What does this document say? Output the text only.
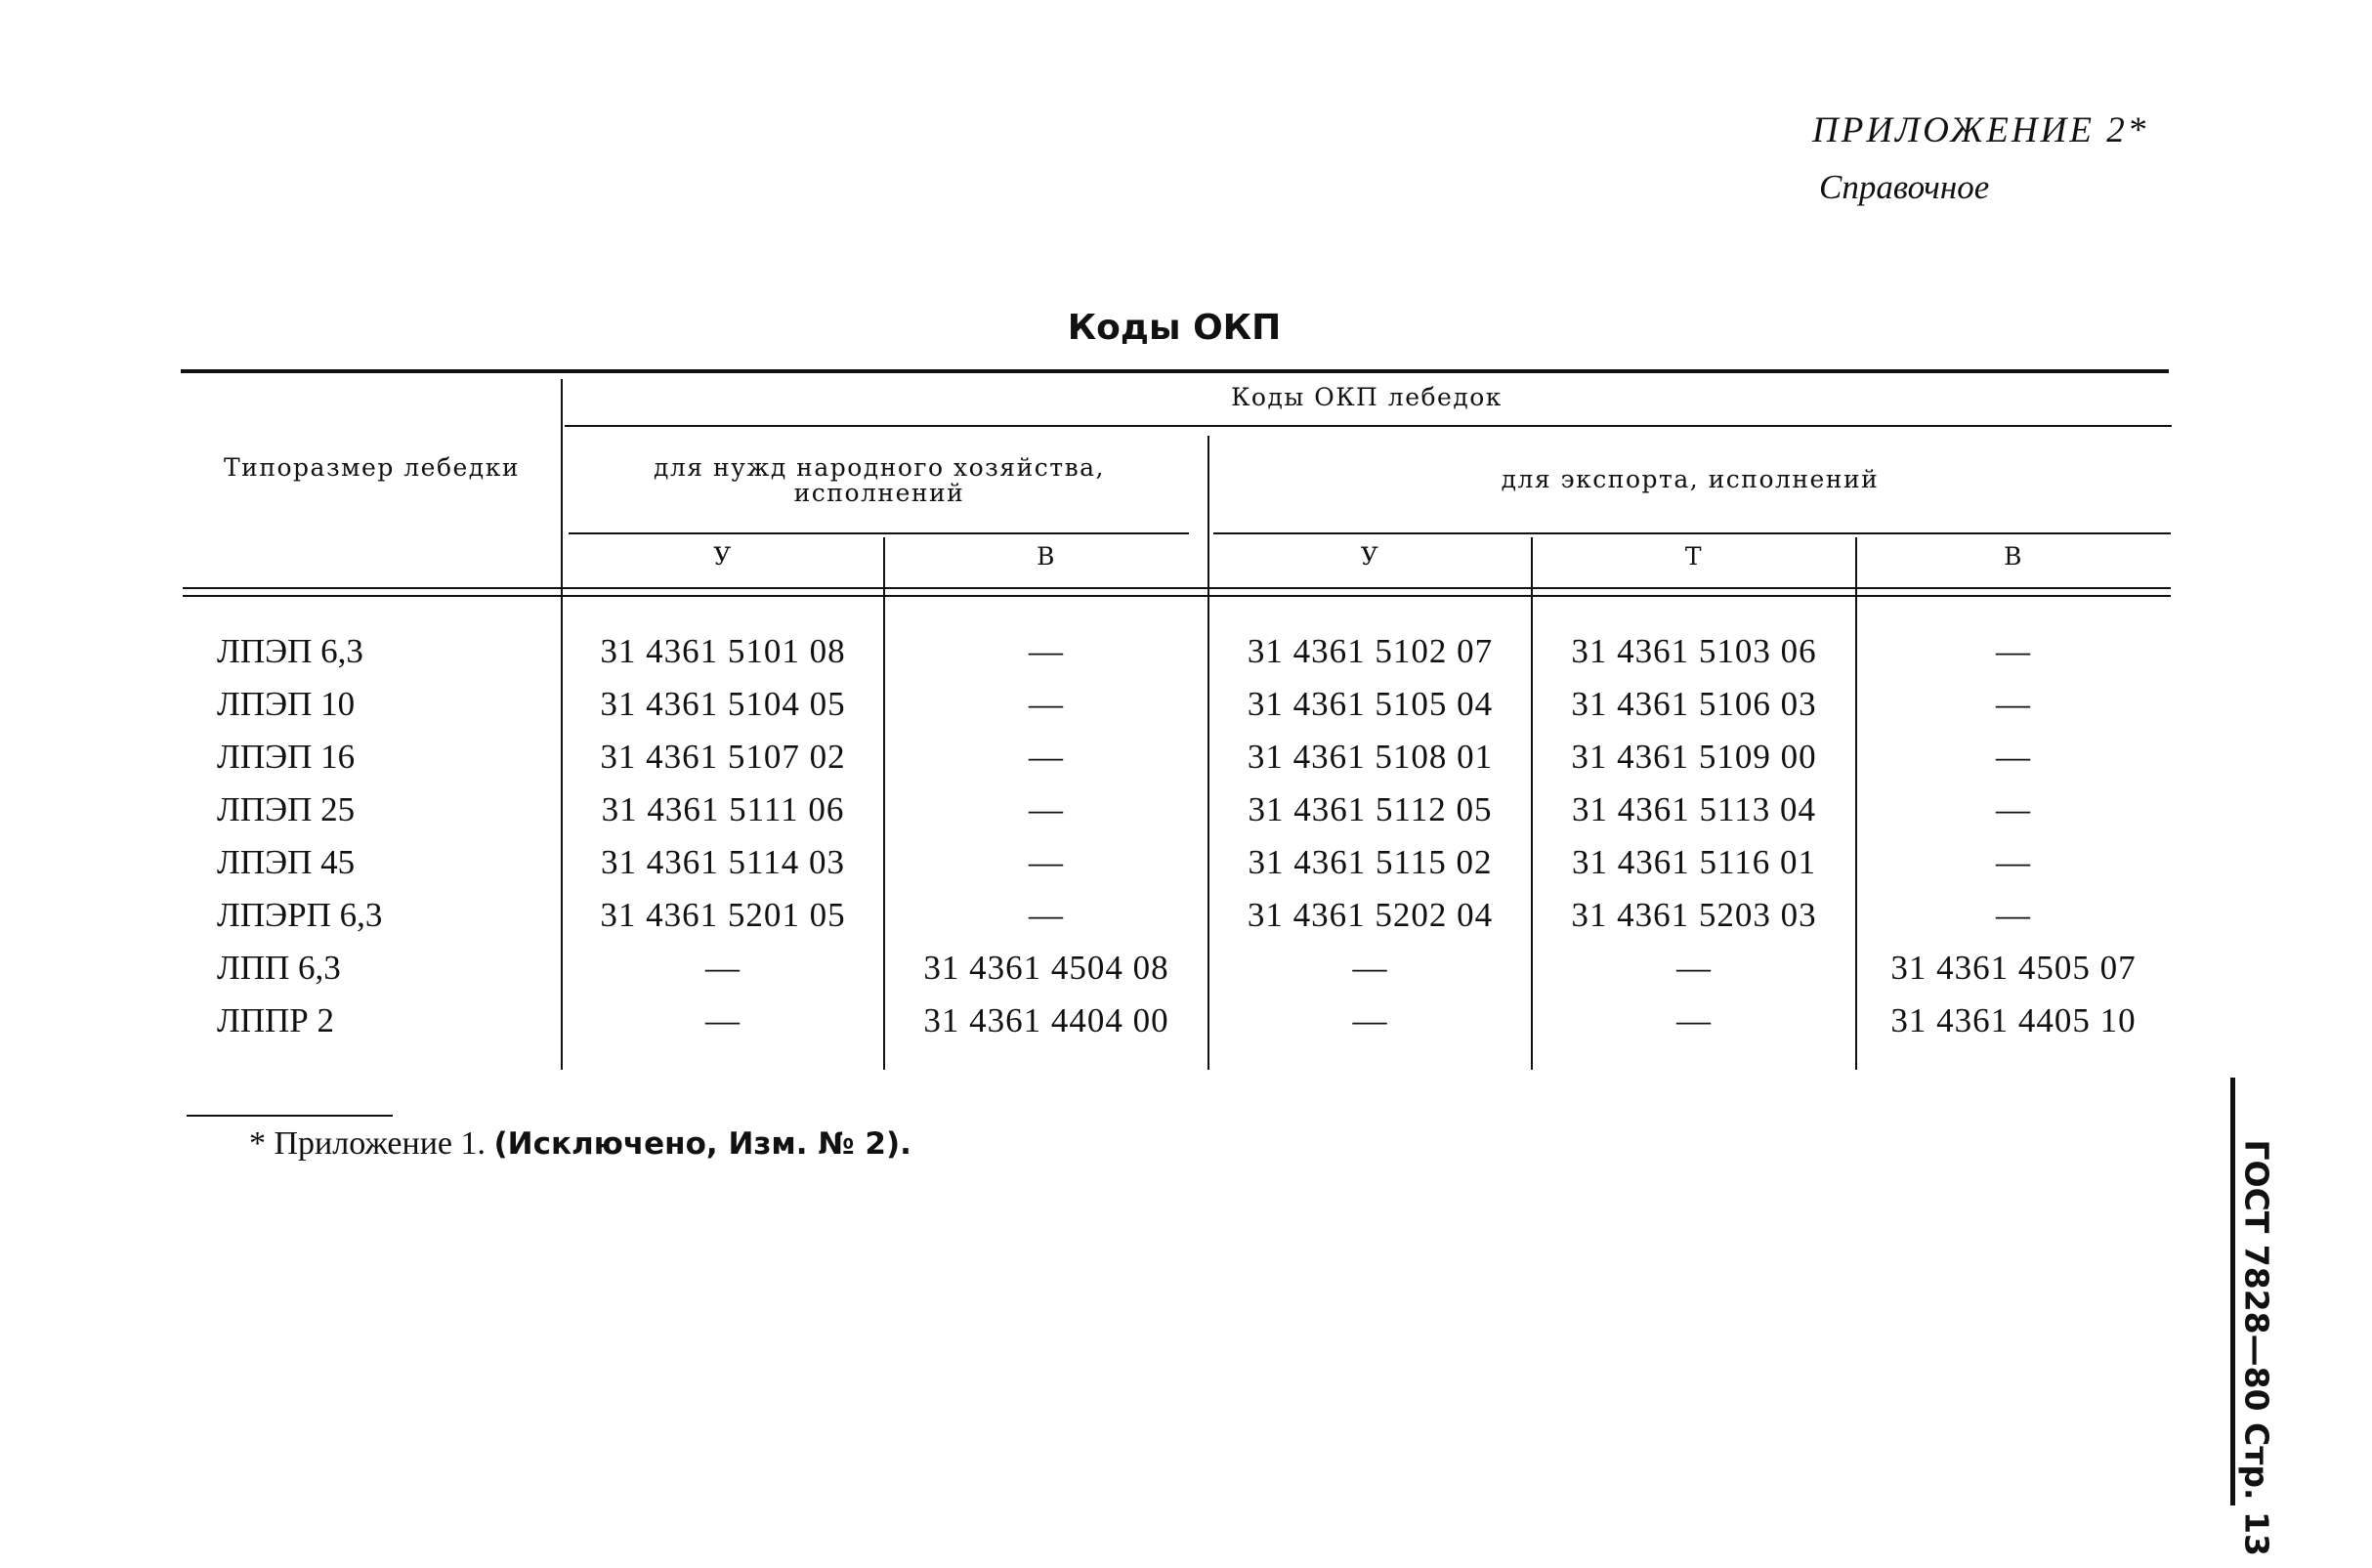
ПРИЛОЖЕНИЕ 2*
Справочное
Коды ОКП
Типоразмер лебедки
Коды ОКП лебедок
для нужд народного хозяйства, исполнений	для экспорта, исполнений
У	В	У	Т	В
ЛПЭП 6,3	31 4361 5101 08	—	31 4361 5102 07	31 4361 5103 06	—
ЛПЭП 10	31 4361 5104 05	—	31 4361 5105 04	31 4361 5106 03	—
ЛПЭП 16	31 4361 5107 02	—	31 4361 5108 01	31 4361 5109 00	—
ЛПЭП 25	31 4361 5111 06	—	31 4361 5112 05	31 4361 5113 04	—
ЛПЭП 45	31 4361 5114 03	—	31 4361 5115 02	31 4361 5116 01	—
ЛПЭРП 6,3	31 4361 5201 05	—	31 4361 5202 04	31 4361 5203 03	—
ЛПП 6,3	—	31 4361 4504 08	—	—	31 4361 4505 07
ЛППР 2	—	31 4361 4404 00	—	—	31 4361 4405 10
* Приложение 1. (Исключено, Изм. № 2).	ГОСТ 7828—80 Стр. 13
